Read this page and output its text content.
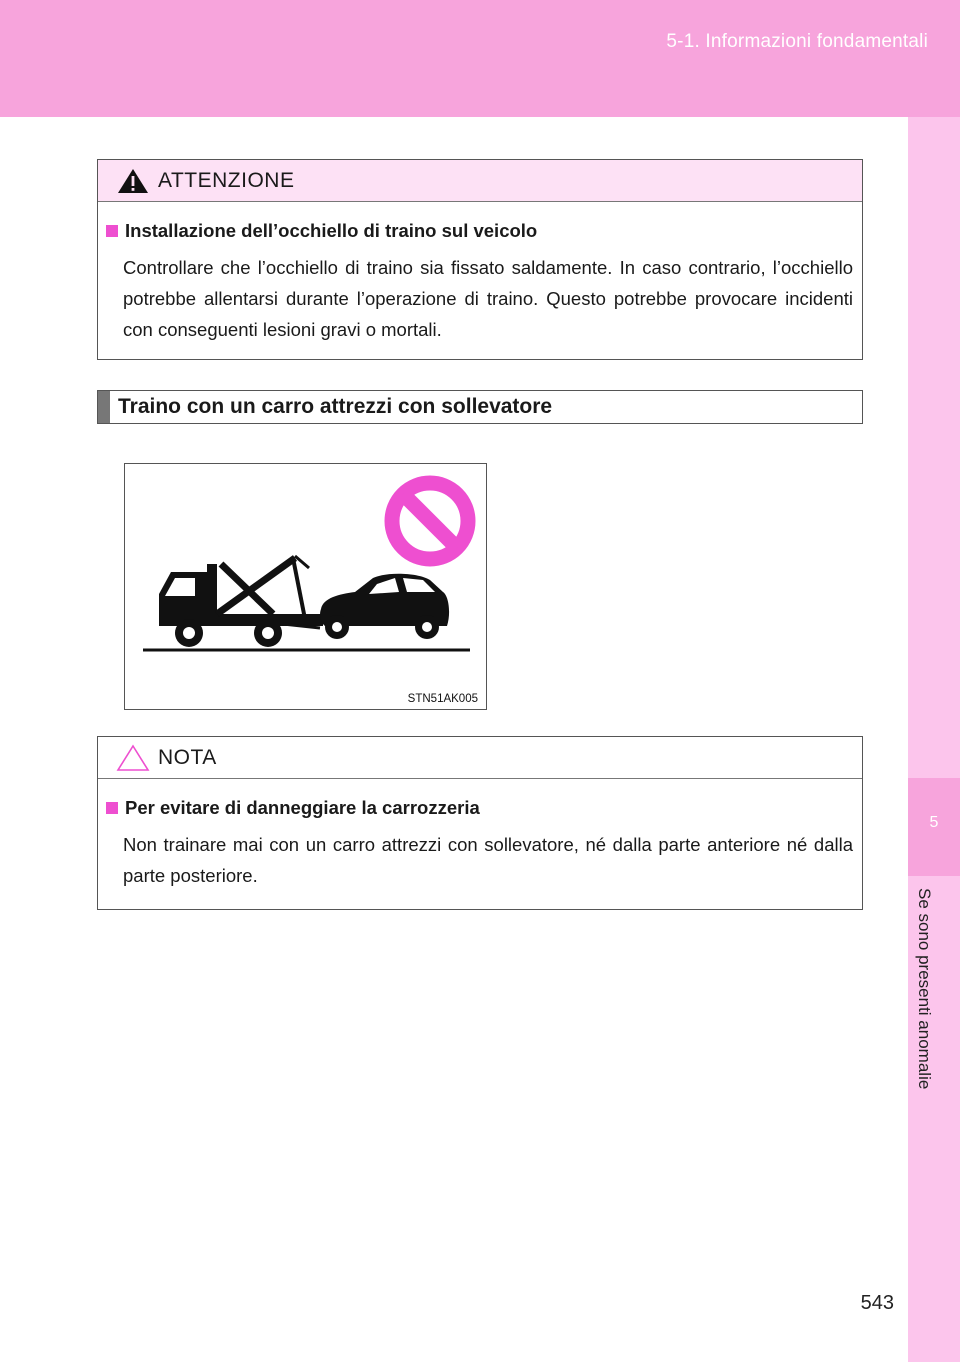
5-1. Informazioni fondamentali
5
Se sono presenti anomalie
ATTENZIONE
Installazione dell’occhiello di traino sul veicolo
Controllare che l’occhiello di traino sia fissato saldamente. In caso contrario, l’occhiello potrebbe allentarsi durante l’operazione di traino. Questo potrebbe provocare incidenti con conseguenti lesioni gravi o mortali.
Traino con un carro attrezzi con sollevatore
STN51AK005
NOTA
Per evitare di danneggiare la carrozzeria
Non trainare mai con un carro attrezzi con sollevatore, né dalla parte anteriore né dalla parte posteriore.
543
